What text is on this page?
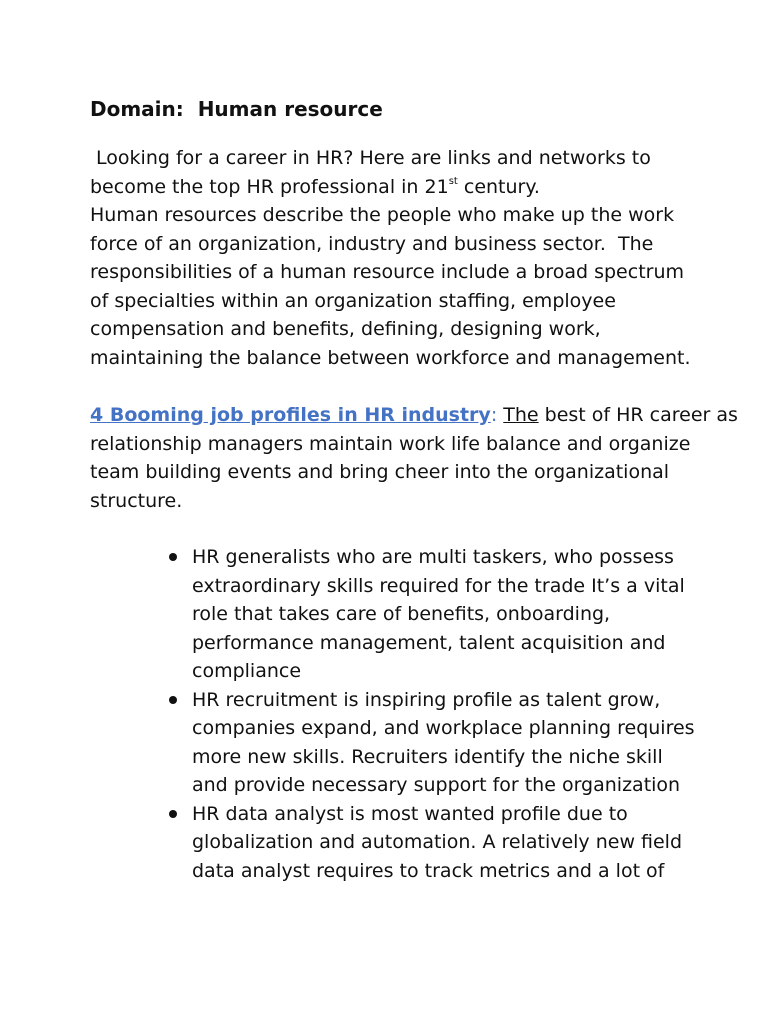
Domain:  Human resource
Looking for a career in HR? Here are links and networks to
become the top HR professional in 21st century.
Human resources describe the people who make up the work
force of an organization, industry and business sector.  The
responsibilities of a human resource include a broad spectrum
of specialties within an organization staffing, employee
compensation and benefits, defining, designing work,
maintaining the balance between workforce and management.
4 Booming job profiles in HR industry: The best of HR career as
relationship managers maintain work life balance and organize
team building events and bring cheer into the organizational
structure.
HR generalists who are multi taskers, who possess
extraordinary skills required for the trade It’s a vital
role that takes care of benefits, onboarding,
performance management, talent acquisition and
compliance
HR recruitment is inspiring profile as talent grow,
companies expand, and workplace planning requires
more new skills. Recruiters identify the niche skill
and provide necessary support for the organization
HR data analyst is most wanted profile due to
globalization and automation. A relatively new field
data analyst requires to track metrics and a lot of
